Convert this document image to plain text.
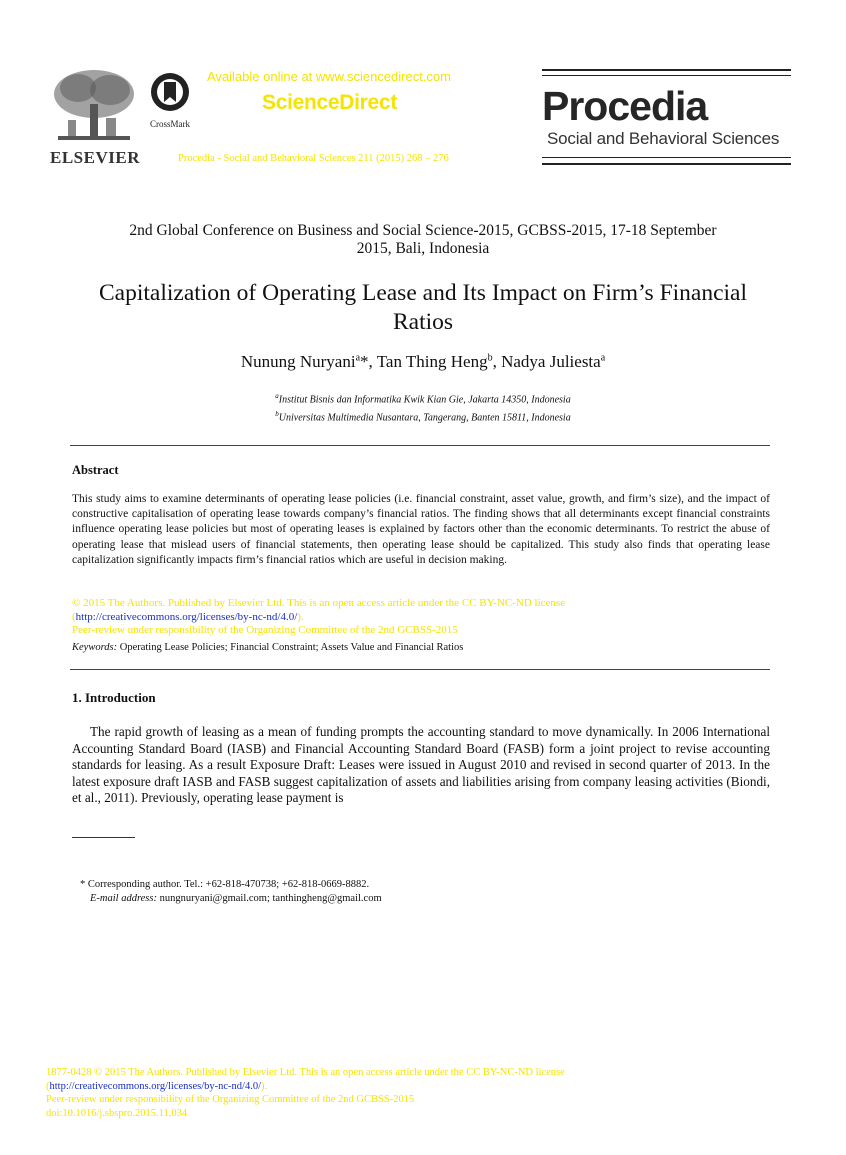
ELSEVIER
CrossMark
Available online at www.sciencedirect.com
ScienceDirect
Procedia - Social and Behavioral Sciences 211 (2015) 268 – 276
Procedia
Social and Behavioral Sciences
2nd Global Conference on Business and Social Science-2015, GCBSS-2015, 17-18 September
2015, Bali, Indonesia
Capitalization of Operating Lease and Its Impact on Firm’s Financial
Ratios
Nunung Nuryani$^a$*, Tan Thing Heng$^b$, Nadya Juliesta$^a$
$^a$Institut Bisnis dan Informatika Kwik Kian Gie, Jakarta 14350, Indonesia
$^b$Universitas Multimedia Nusantara, Tangerang, Banten 15811, Indonesia
Abstract
This study aims to examine determinants of operating lease policies (i.e. financial constraint, asset value, growth, and firm’s size), and the impact of constructive capitalisation of operating lease towards company’s financial ratios. The finding shows that all determinants except financial constraints influence operating lease policies but most of operating leases is explained by factors other than the economic determinants. To restrict the abuse of operating lease that mislead users of financial statements, then operating lease should be capitalized. This study also finds that operating lease capitalization significantly impacts firm’s financial ratios which are useful in decision making.
© 2015 The Authors. Published by Elsevier Ltd. This is an open access article under the CC BY-NC-ND license
(http://creativecommons.org/licenses/by-nc-nd/4.0/).
Peer-review under responsibility of the Organizing Committee of the 2nd GCBSS-2015
Keywords: Operating Lease Policies; Financial Constraint; Assets Value and Financial Ratios
1. Introduction
The rapid growth of leasing as a mean of funding prompts the accounting standard to move dynamically. In 2006 International Accounting Standard Board (IASB) and Financial Accounting Standard Board (FASB) form a joint project to revise accounting standards for leasing. As a result Exposure Draft: Leases were issued in August 2010 and revised in second quarter of 2013. In the latest exposure draft IASB and FASB suggest capitalization of assets and liabilities arising from company leasing activities (Biondi, et al., 2011). Previously, operating lease payment is
* Corresponding author. Tel.: +62-818-470738; +62-818-0669-8882.
E-mail address: nungnuryani@gmail.com; tanthingheng@gmail.com
1877-0428 © 2015 The Authors. Published by Elsevier Ltd. This is an open access article under the CC BY-NC-ND license
(http://creativecommons.org/licenses/by-nc-nd/4.0/).
Peer-review under responsibility of the Organizing Committee of the 2nd GCBSS-2015
doi:10.1016/j.sbspro.2015.11.034
